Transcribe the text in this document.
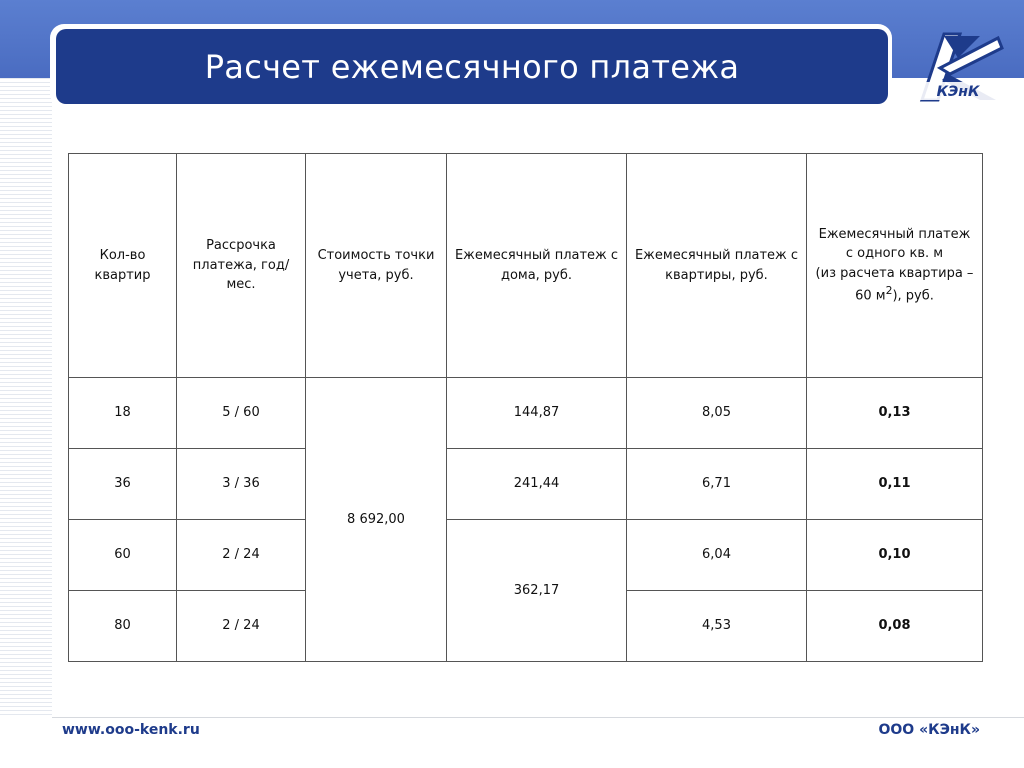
Расчет ежемесячного платежа
КЭнК
Кол-во квартир	Рассрочка платежа, год/мес.	Стоимость точки учета, руб.	Ежемесячный платеж с дома, руб.	Ежемесячный платеж с квартиры, руб.	Ежемесячный платеж
с одного кв. м
(из расчета квартира –
60 $м^2$), руб.
18	5 / 60	8 692,00	144,87	8,05	0,13
36	3 / 36		241,44	6,71	0,11
60	2 / 24		362,17	6,04	0,10
80	2 / 24			4,53	0,08
www.ooo-kenk.ru	ООО «КЭнК»
